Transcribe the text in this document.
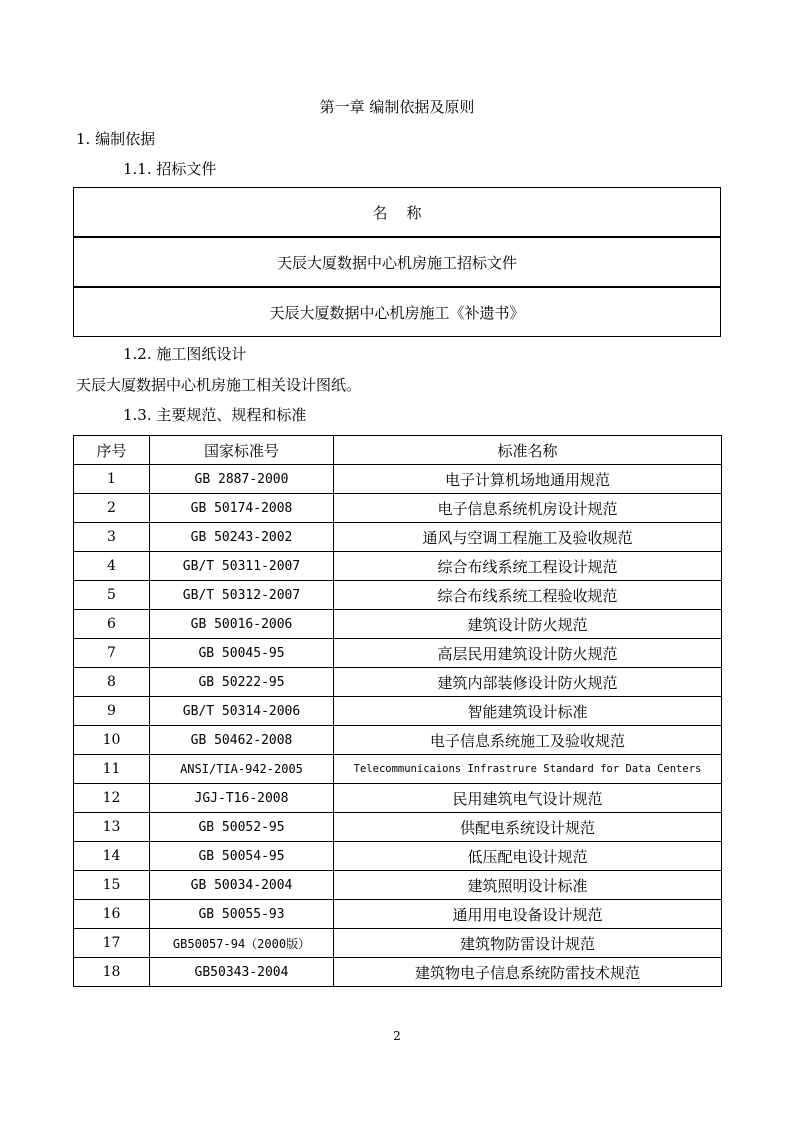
第一章 编制依据及原则
1. 编制依据
1.1. 招标文件
名    称
天辰大厦数据中心机房施工招标文件
天辰大厦数据中心机房施工《补遗书》
1.2. 施工图纸设计
天辰大厦数据中心机房施工相关设计图纸。
1.3. 主要规范、规程和标准
序号	国家标准号	标准名称
1	GB 2887-2000	电子计算机场地通用规范
2	GB 50174-2008	电子信息系统机房设计规范
3	GB 50243-2002	通风与空调工程施工及验收规范
4	GB/T 50311-2007	综合布线系统工程设计规范
5	GB/T 50312-2007	综合布线系统工程验收规范
6	GB 50016-2006	建筑设计防火规范
7	GB 50045-95	高层民用建筑设计防火规范
8	GB 50222-95	建筑内部装修设计防火规范
9	GB/T 50314-2006	智能建筑设计标准
10	GB 50462-2008	电子信息系统施工及验收规范
11	ANSI/TIA-942-2005	Telecommunicaions Infrastrure Standard for Data Centers
12	JGJ-T16-2008	民用建筑电气设计规范
13	GB 50052-95	供配电系统设计规范
14	GB 50054-95	低压配电设计规范
15	GB 50034-2004	建筑照明设计标准
16	GB 50055-93	通用用电设备设计规范
17	GB50057-94（2000版）	建筑物防雷设计规范
18	GB50343-2004	建筑物电子信息系统防雷技术规范
2
